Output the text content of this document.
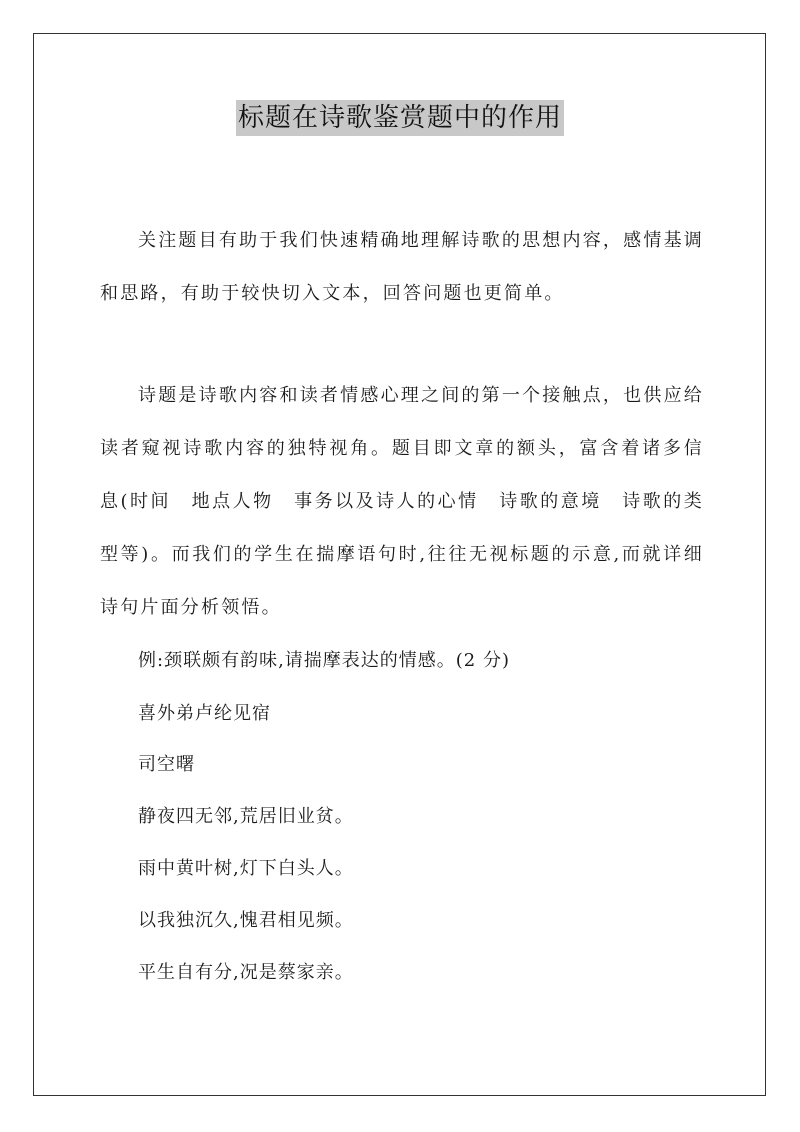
标题在诗歌鉴赏题中的作用

关注题目有助于我们快速精确地理解诗歌的思想内容，感情基调和思路，有助于较快切入文本，回答问题也更简单。

诗题是诗歌内容和读者情感心理之间的第一个接触点，也供应给读者窥视诗歌内容的独特视角。题目即文章的额头，富含着诸多信息(时间　地点人物　事务以及诗人的心情　诗歌的意境　诗歌的类型等)。而我们的学生在揣摩语句时,往往无视标题的示意,而就详细诗句片面分析领悟。

例:颈联颇有韵味,请揣摩表达的情感。(2 分)
喜外弟卢纶见宿
司空曙
静夜四无邻,荒居旧业贫。
雨中黄叶树,灯下白头人。
以我独沉久,愧君相见频。
平生自有分,况是蔡家亲。
